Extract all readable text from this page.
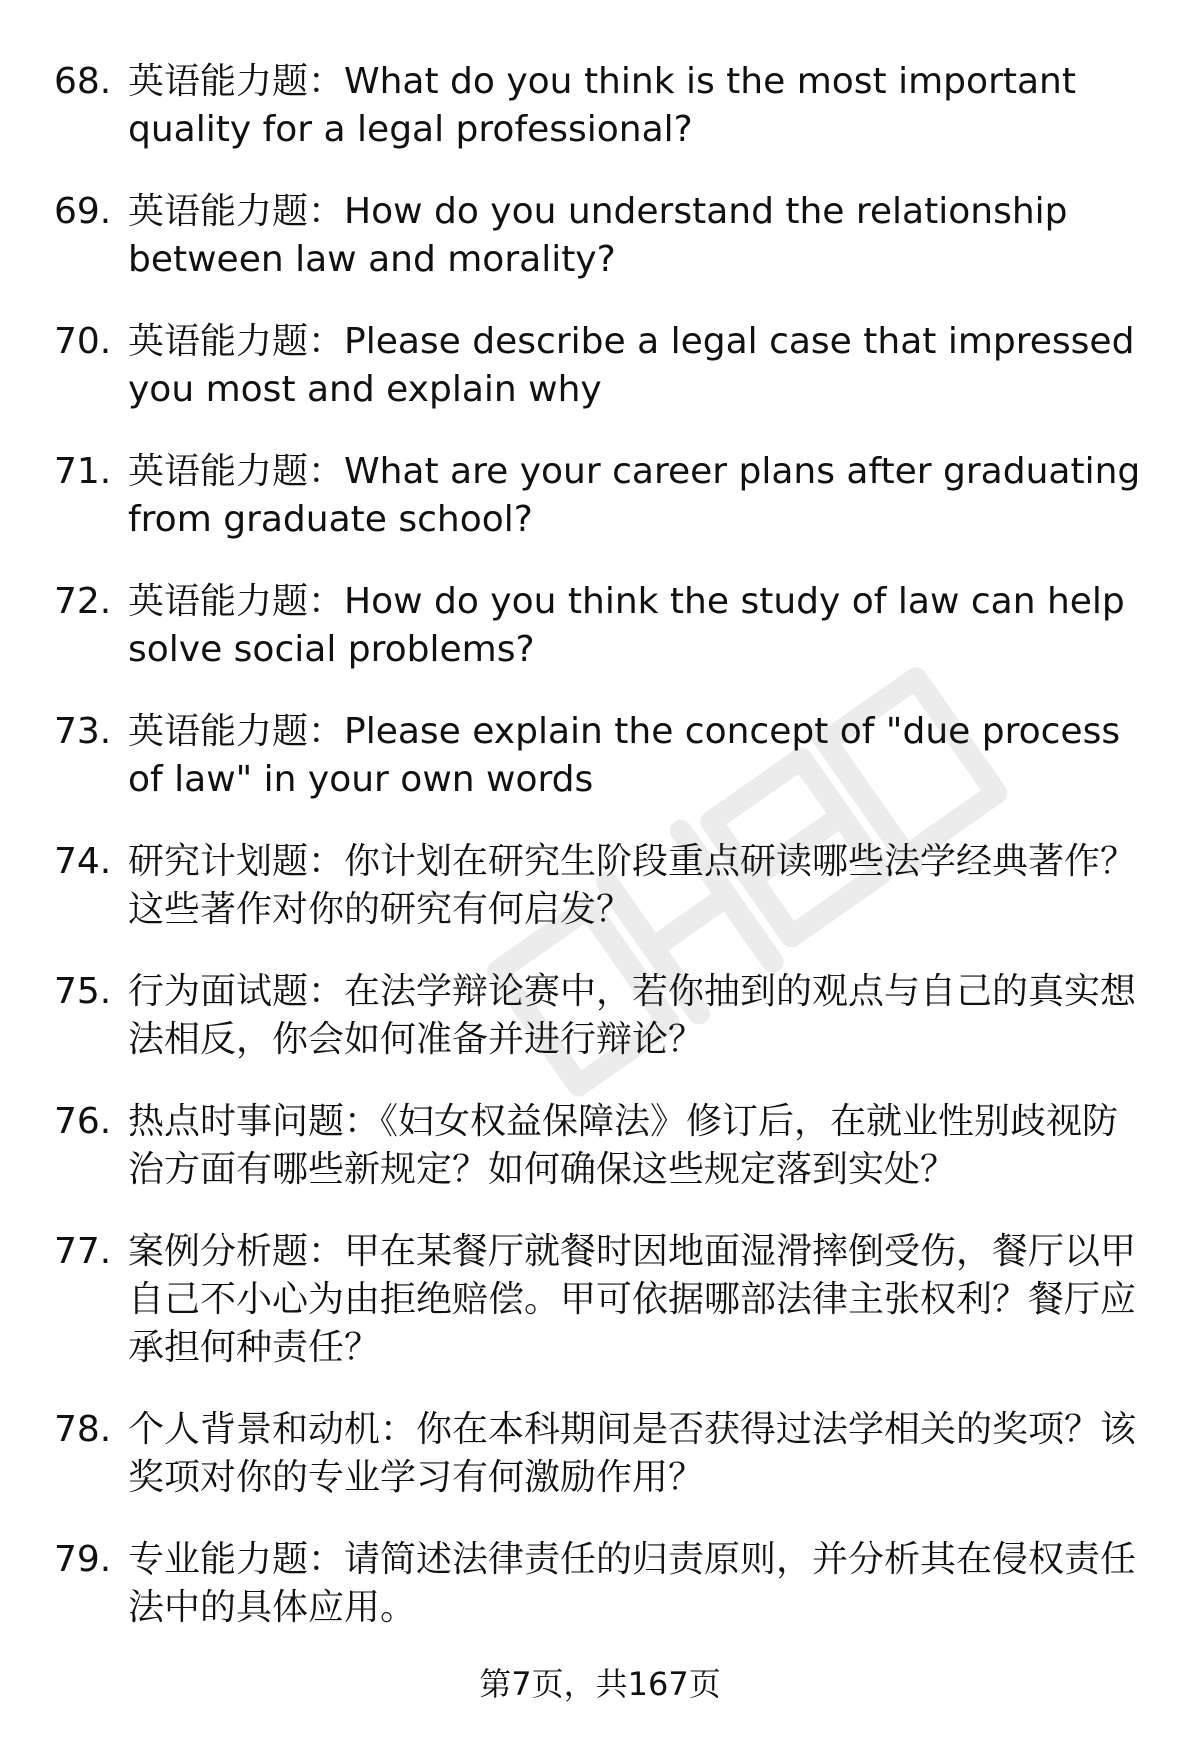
68. 英语能力题：What do you think is the most important quality for a legal professional?
69. 英语能力题：How do you understand the relationship between law and morality?
70. 英语能力题：Please describe a legal case that impressed you most and explain why
71. 英语能力题：What are your career plans after graduating from graduate school?
72. 英语能力题：How do you think the study of law can help solve social problems?
73. 英语能力题：Please explain the concept of "due process of law" in your own words
74. 研究计划题：你计划在研究生阶段重点研读哪些法学经典著作？这些著作对你的研究有何启发？
75. 行为面试题：在法学辩论赛中，若你抽到的观点与自己的真实想法相反，你会如何准备并进行辩论？
76. 热点时事问题：《妇女权益保障法》修订后，在就业性别歧视防治方面有哪些新规定？如何确保这些规定落到实处？
77. 案例分析题：甲在某餐厅就餐时因地面湿滑摔倒受伤，餐厅以甲自己不小心为由拒绝赔偿。甲可依据哪部法律主张权利？餐厅应承担何种责任？
78. 个人背景和动机：你在本科期间是否获得过法学相关的奖项？该奖项对你的专业学习有何激励作用？
79. 专业能力题：请简述法律责任的归责原则，并分析其在侵权责任法中的具体应用。
第7页，共167页
